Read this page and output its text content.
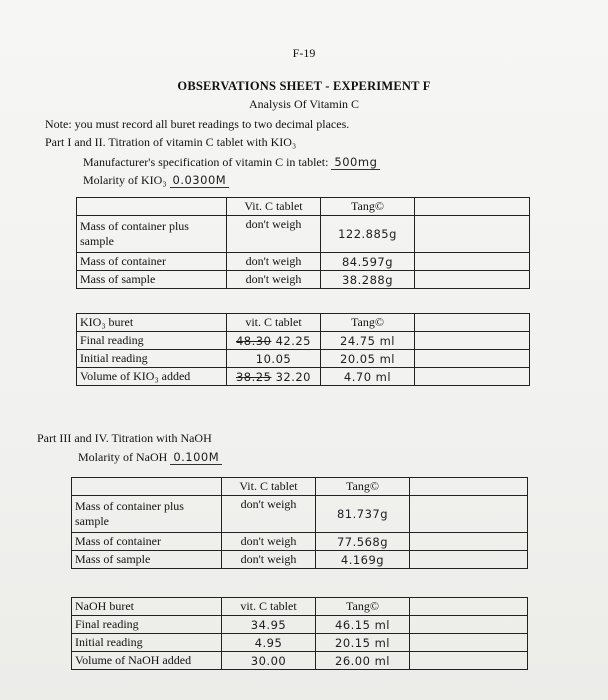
F-19
OBSERVATIONS SHEET - EXPERIMENT F
Analysis Of Vitamin C
Note: you must record all buret readings to two decimal places.
Part I and II. Titration of vitamin C tablet with KIO₃
Manufacturer's specification of vitamin C in tablet: 500mg
Molarity of KIO₃ 0.0300M
	Vit. C tablet	Tang©	
Mass of container plus sample	don't weigh	122.885g	
Mass of container	don't weigh	84.597g	
Mass of sample	don't weigh	38.288g	
KIO₃ buret	vit. C tablet	Tang©	
Final reading	48.30 42.25	24.75 ml	
Initial reading	10.05	20.05 ml	
Volume of KIO₃ added	38.25 32.20	4.70 ml	
Part III and IV. Titration with NaOH
Molarity of NaOH 0.100M
	Vit. C tablet	Tang©	
Mass of container plus sample	don't weigh	81.737g	
Mass of container	don't weigh	77.568g	
Mass of sample	don't weigh	4.169g	
NaOH buret	vit. C tablet	Tang©	
Final reading	34.95	46.15 ml	
Initial reading	4.95	20.15 ml	
Volume of NaOH added	30.00	26.00 ml	
